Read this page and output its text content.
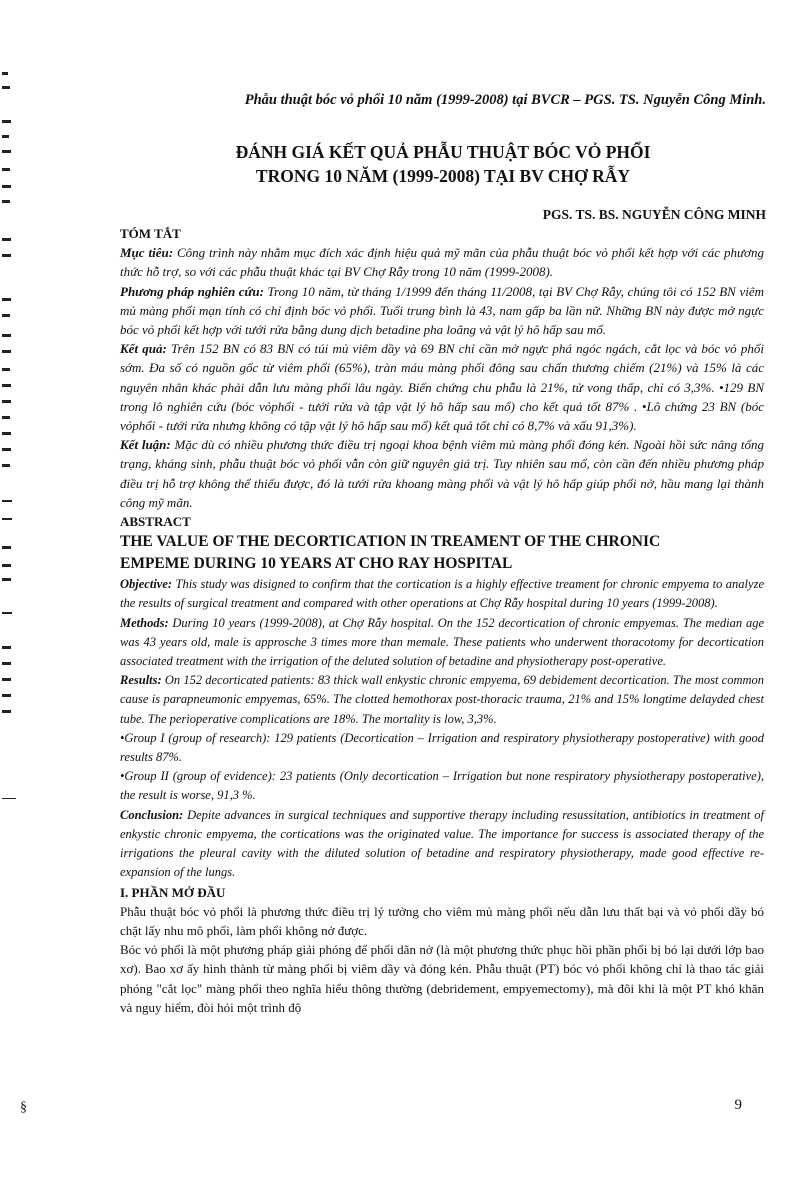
Phẫu thuật bóc vỏ phổi 10 năm (1999-2008) tại BVCR – PGS. TS. Nguyễn Công Minh.
ĐÁNH GIÁ KẾT QUẢ PHẪU THUẬT BÓC VỎ PHỔI
TRONG 10 NĂM (1999-2008) TẠI BV CHỢ RẪY
PGS. TS. BS. NGUYỄN CÔNG MINH

TÓM TẮT

Mục tiêu: Công trình này nhằm mục đích xác định hiệu quả mỹ mãn của phẫu thuật bóc vỏ phổi kết hợp với các phương thức hỗ trợ, so với các phẫu thuật khác tại BV Chợ Rẫy trong 10 năm (1999-2008).

Phương pháp nghiên cứu: Trong 10 năm, từ tháng 1/1999 đến tháng 11/2008, tại BV Chợ Rẫy, chúng tôi có 152 BN viêm mủ màng phổi mạn tính có chỉ định bóc vỏ phổi. Tuổi trung bình là 43, nam gấp ba lần nữ. Những BN này được mở ngực bóc vỏ phổi kết hợp với tưới rửa bằng dung dịch betadine pha loãng và vật lý hô hấp sau mổ.

Kết quả: Trên 152 BN có 83 BN có túi mủ viêm dầy và 69 BN chỉ cần mở ngực phá ngóc ngách, cắt lọc và bóc vỏ phổi sớm. Đa số có nguồn gốc từ viêm phổi (65%), tràn máu màng phổi đông sau chấn thương chiếm (21%) và 15% là các nguyên nhân khác phải dẫn lưu màng phổi lâu ngày. Biến chứng chu phẫu là 21%, tử vong thấp, chỉ có 3,3%. •129 BN trong lô nghiên cứu (bóc vỏphổi - tưới rửa và tập vật lý hô hấp sau mổ) cho kết quả tốt 87% . •Lô chứng 23 BN (bóc vỏphổi - tưới rửa nhưng không có tập vật lý hô hấp sau mổ) kết quả tốt chỉ có 8,7% và xấu 91,3%).

Kết luận: Mặc dù có nhiều phương thức điều trị ngoại khoa bệnh viêm mủ màng phổi đóng kén. Ngoài hồi sức nâng tổng trạng, kháng sinh, phẫu thuật bóc vỏ phổi vẫn còn giữ nguyên giá trị. Tuy nhiên sau mổ, còn cần đến nhiều phương pháp điều trị hỗ trợ không thể thiếu được, đó là tưới rửa khoang màng phổi và vật lý hô hấp giúp phổi nở, hầu mang lại thành công mỹ mãn.

ABSTRACT

THE VALUE OF THE DECORTICATION IN TREAMENT OF THE CHRONIC

EMPEME DURING 10 YEARS AT CHO RAY HOSPITAL

Objective: This study was disigned to confirm that the cortication is a highly effective treament for chronic empyema to analyze the results of surgical treatment and compared with other operations at Chợ Rẫy hospital during 10 years (1999-2008).

Methods: During 10 years (1999-2008), at Chợ Rẫy hospital. On the 152 decortication of chronic empyemas. The median age was 43 years old, male is approsche 3 times more than memale. These patients who underwent thoracotomy for decortication associated treatment with the irrigation of the deluted solution of betadine and physiotherapy post-operative.

Results: On 152 decorticated patients: 83 thick wall enkystic chronic empyema, 69 debidement decortication. The most common cause is parapneumonic empyemas, 65%. The clotted hemothorax post-thoracic trauma, 21% and 15% longtime delayded chest tube. The perioperative complications are 18%. The mortality is low, 3,3%.

•Group I (group of research): 129 patients (Decortication – Irrigation and respiratory physiotherapy postoperative) with good results 87%.

•Group II (group of evidence): 23 patients (Only decortication – Irrigation but none respiratory physiotherapy postoperative), the result is worse, 91,3 %.

Conclusion: Depite advances in surgical techniques and supportive therapy including resussitation, antibiotics in treatment of enkystic chronic empyema, the cortications was the originated value. The importance for success is associated therapy of the irrigations the pleural cavity with the diluted solution of betadine and respiratory physiotherapy, made good effective re-expansion of the lungs.

I. PHẦN MỞ ĐẦU

Phẫu thuật bóc vỏ phổi là phương thức điều trị lý tưởng cho viêm mủ màng phổi nếu dẫn lưu thất bại và vỏ phổi dầy bó chặt lấy nhu mô phổi, làm phổi không nở được.

Bóc vỏ phổi là một phương pháp giải phóng để phổi dãn nở (là một phương thức phục hồi phần phổi bị bó lại dưới lớp bao xơ). Bao xơ ấy hình thành từ màng phổi bị viêm dầy và đóng kén. Phẫu thuật (PT) bóc vỏ phổi không chỉ là thao tác giải phóng "cắt lọc" màng phổi theo nghĩa hiểu thông thường (debridement, empyemectomy), mà đôi khi là một PT khó khăn và nguy hiểm, đòi hỏi một trình độ

§	9
